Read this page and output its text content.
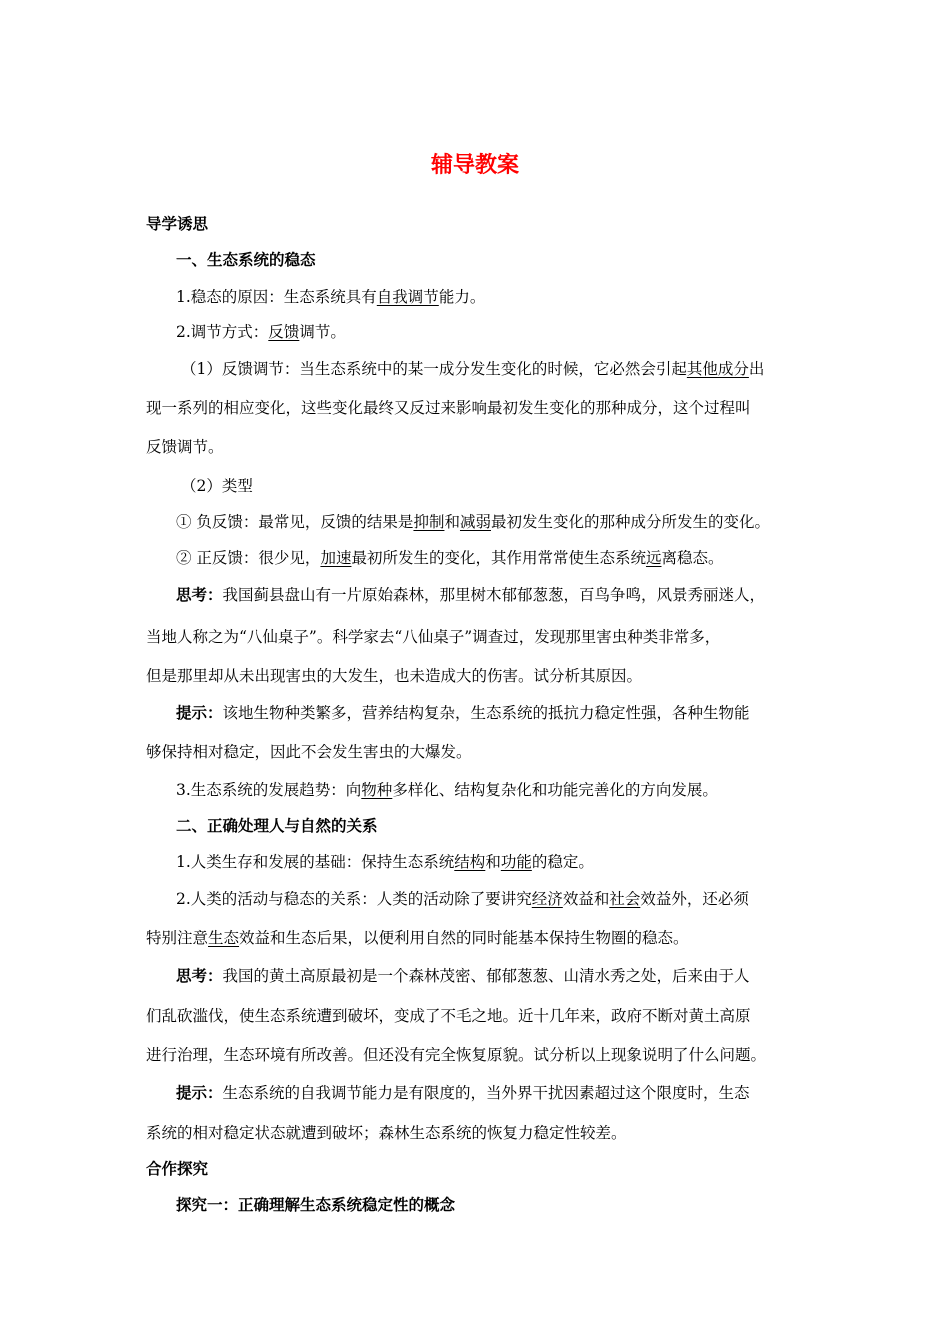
辅导教案
导学诱思
一、生态系统的稳态
1.稳态的原因：生态系统具有自我调节能力。
2.调节方式：反馈调节。
（1）反馈调节：当生态系统中的某一成分发生变化的时候，它必然会引起其他成分出
现一系列的相应变化，这些变化最终又反过来影响最初发生变化的那种成分，这个过程叫
反馈调节。
（2）类型
① 负反馈：最常见，反馈的结果是抑制和减弱最初发生变化的那种成分所发生的变化。
② 正反馈：很少见，加速最初所发生的变化，其作用常常使生态系统远离稳态。
思考：我国蓟县盘山有一片原始森林，那里树木郁郁葱葱，百鸟争鸣，风景秀丽迷人，
当地人称之为“八仙桌子”。科学家去“八仙桌子”调查过，发现那里害虫种类非常多，
但是那里却从未出现害虫的大发生，也未造成大的伤害。试分析其原因。
提示：该地生物种类繁多，营养结构复杂，生态系统的抵抗力稳定性强，各种生物能
够保持相对稳定，因此不会发生害虫的大爆发。
3.生态系统的发展趋势：向物种多样化、结构复杂化和功能完善化的方向发展。
二、正确处理人与自然的关系
1.人类生存和发展的基础：保持生态系统结构和功能的稳定。
2.人类的活动与稳态的关系：人类的活动除了要讲究经济效益和社会效益外，还必须
特别注意生态效益和生态后果，以便利用自然的同时能基本保持生物圈的稳态。
思考：我国的黄土高原最初是一个森林茂密、郁郁葱葱、山清水秀之处，后来由于人
们乱砍滥伐，使生态系统遭到破坏，变成了不毛之地。近十几年来，政府不断对黄土高原
进行治理，生态环境有所改善。但还没有完全恢复原貌。试分析以上现象说明了什么问题。
提示：生态系统的自我调节能力是有限度的，当外界干扰因素超过这个限度时，生态
系统的相对稳定状态就遭到破坏；森林生态系统的恢复力稳定性较差。
合作探究
探究一：正确理解生态系统稳定性的概念
